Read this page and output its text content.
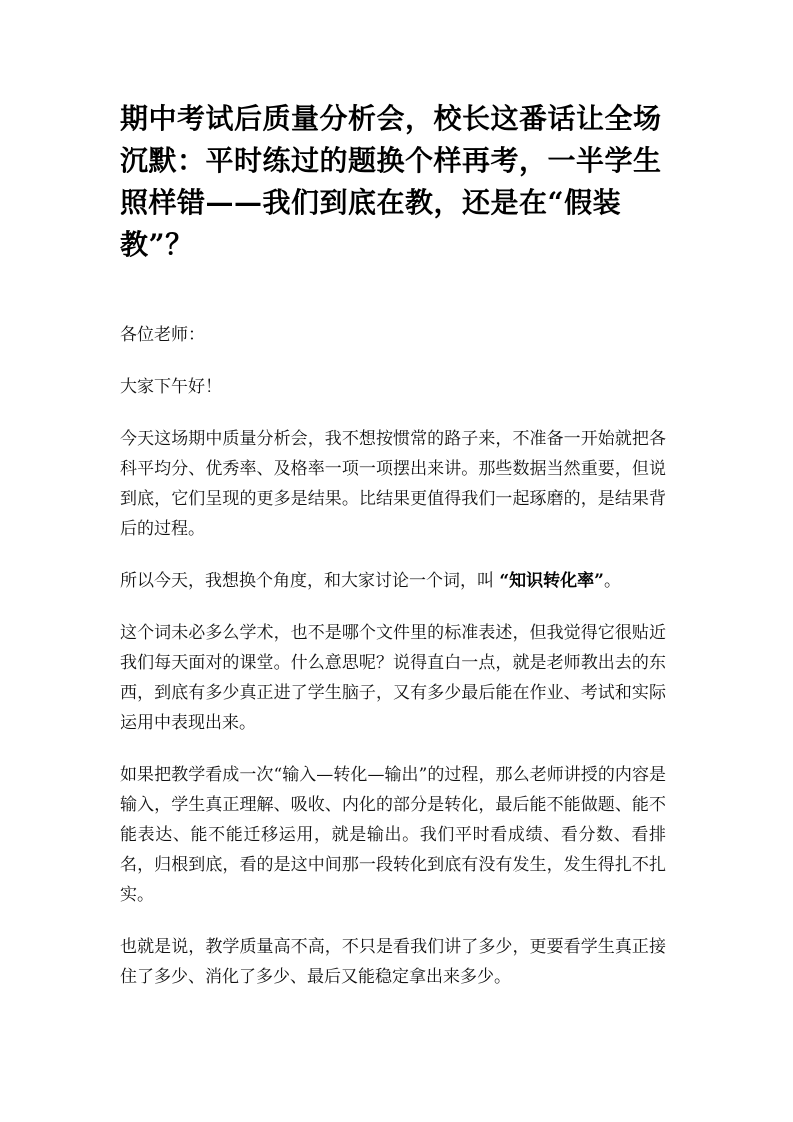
期中考试后质量分析会，校长这番话让全场沉默：平时练过的题换个样再考，一半学生照样错——我们到底在教，还是在“假装教”？

各位老师：

大家下午好！

今天这场期中质量分析会，我不想按惯常的路子来，不准备一开始就把各科平均分、优秀率、及格率一项一项摆出来讲。那些数据当然重要，但说到底，它们呈现的更多是结果。比结果更值得我们一起琢磨的，是结果背后的过程。

所以今天，我想换个角度，和大家讨论一个词，叫 “知识转化率”。

这个词未必多么学术，也不是哪个文件里的标准表述，但我觉得它很贴近我们每天面对的课堂。什么意思呢？说得直白一点，就是老师教出去的东西，到底有多少真正进了学生脑子，又有多少最后能在作业、考试和实际运用中表现出来。

如果把教学看成一次“输入—转化—输出”的过程，那么老师讲授的内容是输入，学生真正理解、吸收、内化的部分是转化，最后能不能做题、能不能表达、能不能迁移运用，就是输出。我们平时看成绩、看分数、看排名，归根到底，看的是这中间那一段转化到底有没有发生，发生得扎不扎实。

也就是说，教学质量高不高，不只是看我们讲了多少，更要看学生真正接住了多少、消化了多少、最后又能稳定拿出来多少。
